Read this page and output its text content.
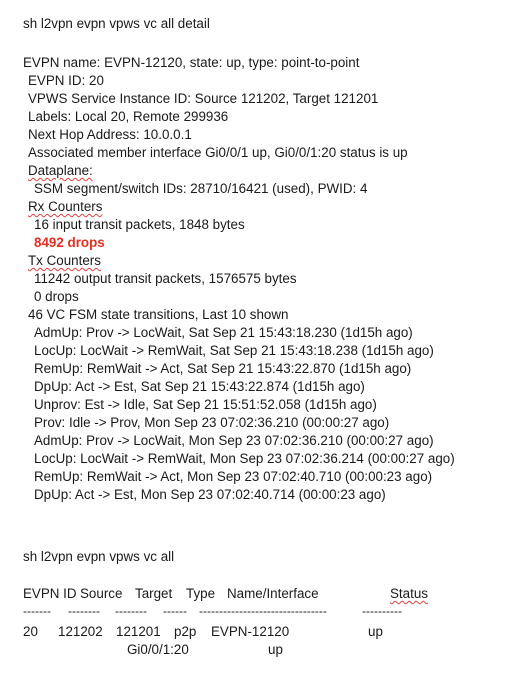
sh l2vpn evpn vpws vc all detail
EVPN name: EVPN-12120, state: up, type: point-to-point
EVPN ID: 20
VPWS Service Instance ID: Source 121202, Target 121201
Labels: Local 20, Remote 299936
Next Hop Address: 10.0.0.1
Associated member interface Gi0/0/1 up, Gi0/0/1:20 status is up
Dataplane:
SSM segment/switch IDs: 28710/16421 (used), PWID: 4
Rx Counters
16 input transit packets, 1848 bytes
8492 drops
Tx Counters
11242 output transit packets, 1576575 bytes
0 drops
46 VC FSM state transitions, Last 10 shown
AdmUp: Prov -> LocWait, Sat Sep 21 15:43:18.230 (1d15h ago)
LocUp: LocWait -> RemWait, Sat Sep 21 15:43:18.238 (1d15h ago)
RemUp: RemWait -> Act, Sat Sep 21 15:43:22.870 (1d15h ago)
DpUp: Act -> Est, Sat Sep 21 15:43:22.874 (1d15h ago)
Unprov: Est -> Idle, Sat Sep 21 15:51:52.058 (1d15h ago)
Prov: Idle -> Prov, Mon Sep 23 07:02:36.210 (00:00:27 ago)
AdmUp: Prov -> LocWait, Mon Sep 23 07:02:36.210 (00:00:27 ago)
LocUp: LocWait -> RemWait, Mon Sep 23 07:02:36.214 (00:00:27 ago)
RemUp: RemWait -> Act, Mon Sep 23 07:02:40.710 (00:00:23 ago)
DpUp: Act -> Est, Mon Sep 23 07:02:40.714 (00:00:23 ago)
sh l2vpn evpn vpws vc all
EVPN ID Source Target Type Name/Interface	Status
------- -------- -------- ------ --------------------------------	----------
20 121202 121201 p2p EVPN-12120	up
Gi0/0/1:20	up
